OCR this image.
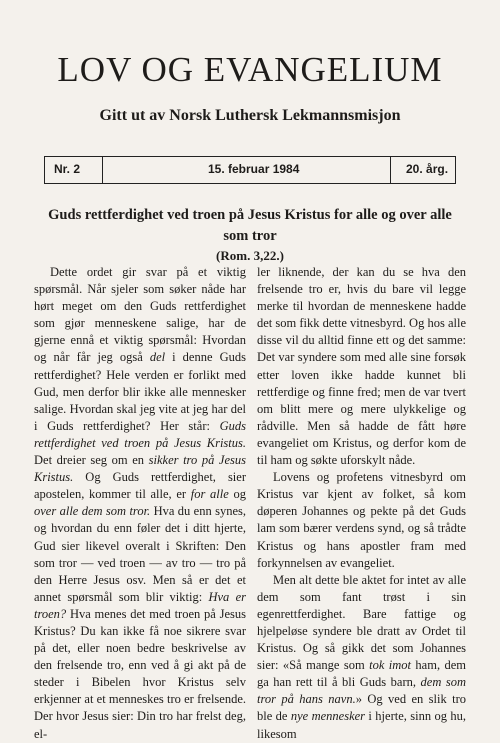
LOV OG EVANGELIUM
Gitt ut av Norsk Luthersk Lekmannsmisjon
Nr. 2	15. februar 1984	20. årg.
Guds rettferdighet ved troen på Jesus Kristus for alle og over alle som tror
(Rom. 3,22.)

Dette ordet gir svar på et viktig spørsmål. Når sjeler som søker nåde har hørt meget om den Guds rettferdighet som gjør menneskene salige, har de gjerne ennå et viktig spørsmål: Hvordan og når får jeg også del i denne Guds rettferdighet? Hele verden er forlikt med Gud, men derfor blir ikke alle mennesker salige. Hvordan skal jeg vite at jeg har del i Guds rettferdighet? Her står: Guds rettferdighet ved troen på Jesus Kristus. Det dreier seg om en sikker tro på Jesus Kristus. Og Guds rettferdighet, sier apostelen, kommer til alle, er for alle og over alle dem som tror. Hva du enn synes, og hvordan du enn føler det i ditt hjerte, Gud sier likevel overalt i Skriften: Den som tror — ved troen — av tro — tro på den Herre Jesus osv. Men så er det et annet spørsmål som blir viktig: Hva er troen? Hva menes det med troen på Jesus Kristus? Du kan ikke få noe sikrere svar på det, eller noen bedre beskrivelse av den frelsende tro, enn ved å gi akt på de steder i Bibelen hvor Kristus selv erkjenner at et menneskes tro er frelsende. Der hvor Jesus sier: Din tro har frelst deg, el-

ler liknende, der kan du se hva den frelsende tro er, hvis du bare vil legge merke til hvordan de menneskene hadde det som fikk dette vitnesbyrd. Og hos alle disse vil du alltid finne ett og det samme: Det var syndere som med alle sine forsøk etter loven ikke hadde kunnet bli rettferdige og finne fred; men de var tvert om blitt mere og mere ulykkelige og rådville. Men så hadde de fått høre evangeliet om Kristus, og derfor kom de til ham og søkte uforskylt nåde.

Lovens og profetens vitnesbyrd om Kristus var kjent av folket, så kom døperen Johannes og pekte på det Guds lam som bærer verdens synd, og så trådte Kristus og hans apostler fram med forkynnelsen av evangeliet.

Men alt dette ble aktet for intet av alle dem som fant trøst i sin egenrettferdighet. Bare fattige og hjelpeløse syndere ble dratt av Ordet til Kristus. Og så gikk det som Johannes sier: «Så mange som tok imot ham, dem ga han rett til å bli Guds barn, dem som tror på hans navn.» Og ved en slik tro ble de nye mennesker i hjerte, sinn og hu, likesom
